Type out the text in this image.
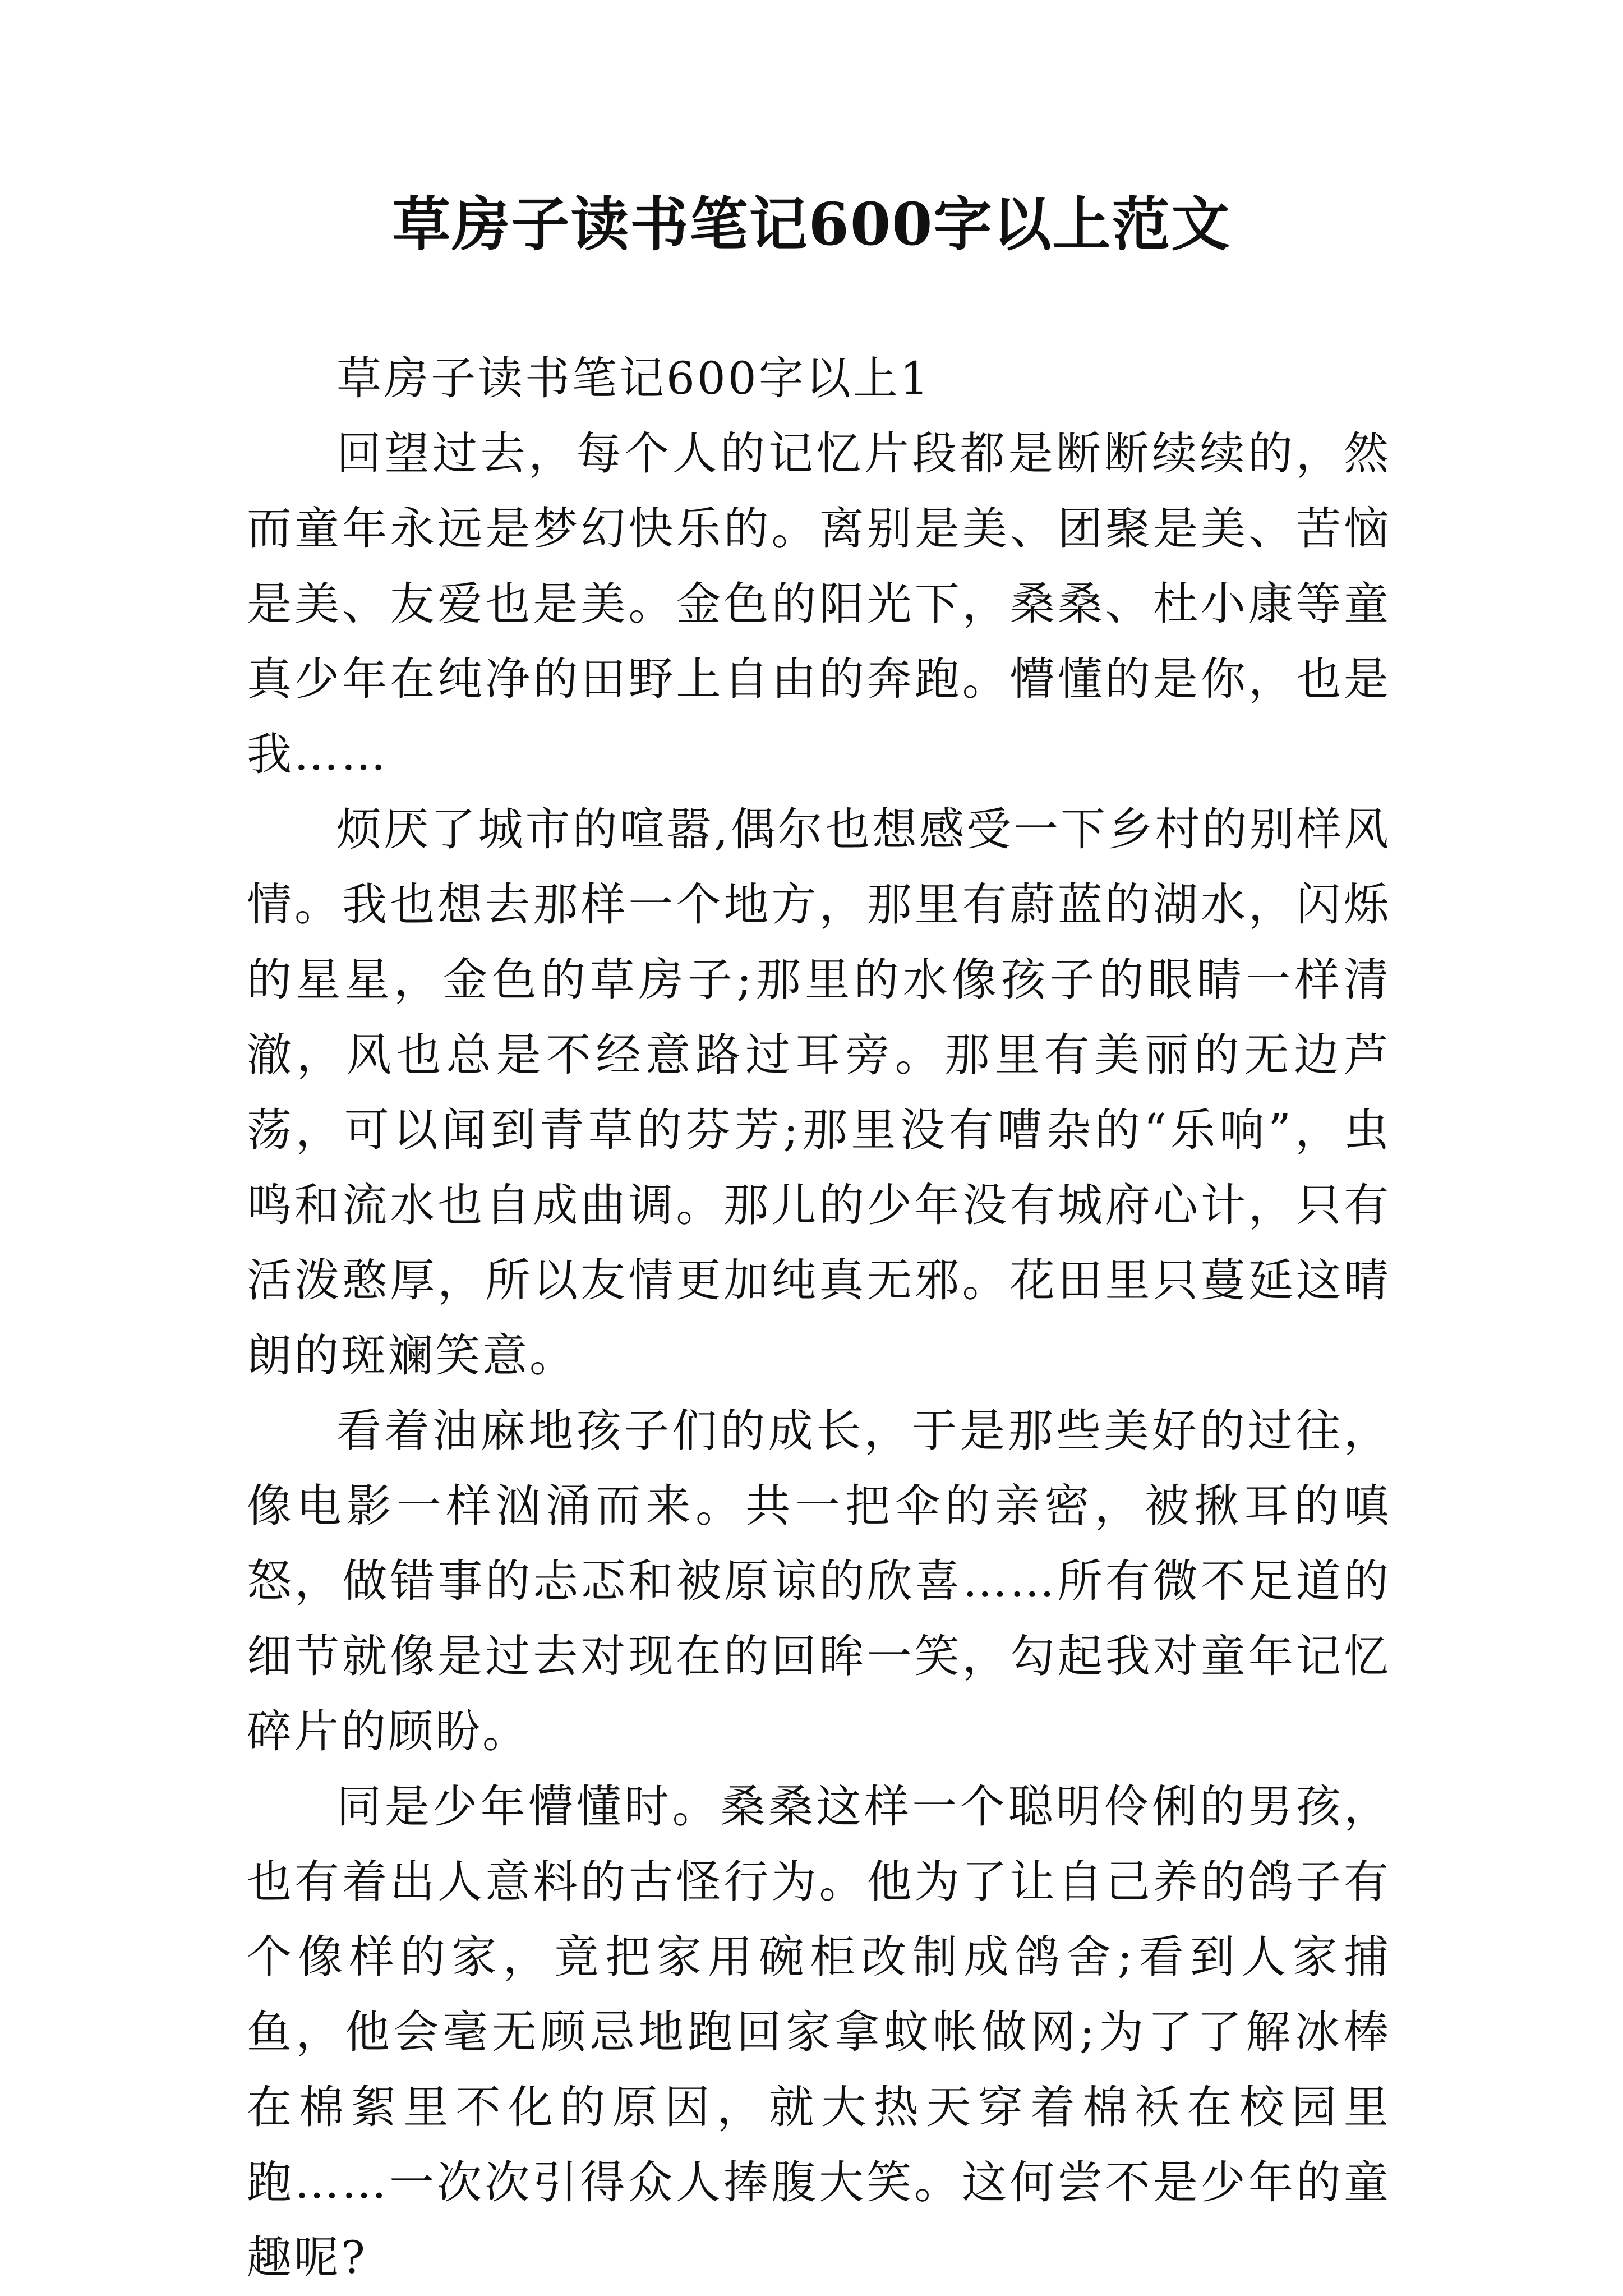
草房子读书笔记600字以上范文

草房子读书笔记600字以上1

回望过去，每个人的记忆片段都是断断续续的，然而童年永远是梦幻快乐的。离别是美、团聚是美、苦恼是美、友爱也是美。金色的阳光下，桑桑、杜小康等童真少年在纯净的田野上自由的奔跑。懵懂的是你，也是我……

烦厌了城市的喧嚣,偶尔也想感受一下乡村的别样风情。我也想去那样一个地方，那里有蔚蓝的湖水，闪烁的星星，金色的草房子;那里的水像孩子的眼睛一样清澈，风也总是不经意路过耳旁。那里有美丽的无边芦荡，可以闻到青草的芬芳;那里没有嘈杂的“乐响”，虫鸣和流水也自成曲调。那儿的少年没有城府心计，只有活泼憨厚，所以友情更加纯真无邪。花田里只蔓延这晴朗的斑斓笑意。

看着油麻地孩子们的成长，于是那些美好的过往，像电影一样汹涌而来。共一把伞的亲密，被揪耳的嗔怒，做错事的忐忑和被原谅的欣喜……所有微不足道的细节就像是过去对现在的回眸一笑，勾起我对童年记忆碎片的顾盼。

同是少年懵懂时。桑桑这样一个聪明伶俐的男孩，也有着出人意料的古怪行为。他为了让自己养的鸽子有个像样的家，竟把家用碗柜改制成鸽舍;看到人家捕鱼，他会毫无顾忌地跑回家拿蚊帐做网;为了了解冰棒在棉絮里不化的原因，就大热天穿着棉袄在校园里跑……一次次引得众人捧腹大笑。这何尝不是少年的童趣呢?
